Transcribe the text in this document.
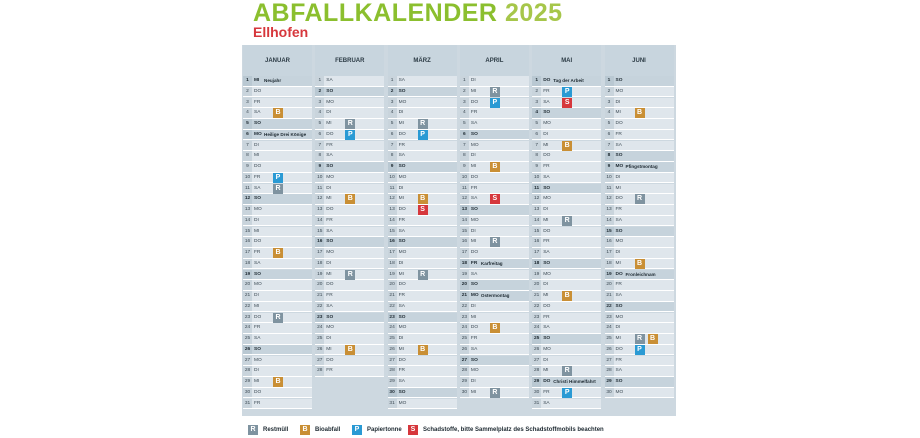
ABFALLKALENDER 2025
Ellhofen
JANUAR
1	MI Neujahr
2	DO
3	FR
4	SA	B
5	SO
6	MO Heilige Drei Könige
7	DI
8	MI
9	DO
10 FR	P
11 SA	R
12 SO
13 MO
14 DI
15 MI
16 DO
17 FR	B
18 SA
19 SO
20 MO
21 DI
22 MI
23 DO	R
24 FR
25 SA
26 SO
27 MO
28 DI
29 MI	B
30 DO
31 FR
FEBRUAR
1	SA
2	SO
3	MO
4	DI
5	MI	R
6	DO	P
7	FR
8	SA
9	SO
10 MO
11 DI
12 MI	B
13 DO
14 FR
15 SA
16 SO
17 MO
18 DI
19 MI	R
20 DO
21 FR
22 SA
23 SO
24 MO
25 DI
26 MI	B
27 DO
28 FR
MÄRZ
1	SA
2	SO
3	MO
4	DI
5	MI	R
6	DO	P
7	FR
8	SA
9	SO
10 MO
11 DI
12 MI	B
13 DO	S
14 FR
15 SA
16 SO
17 MO
18 DI
19 MI	R
20 DO
21 FR
22 SA
23 SO
24 MO
25 DI
26 MI	B
27 DO
28 FR
29 SA
30 SO
31 MO
APRIL
1	DI
2	MI	R
3	DO	P
4	FR
5	SA
6	SO
7	MO
8	DI
9	MI	B
10 DO
11 FR
12 SA	S
13 SO
14 MO
15 DI
16 MI	R
17 DO
18 FR Karfreitag
19 SA
20 SO
21 MO Ostermontag
22 DI
23 MI
24 DO	B
25 FR
26 SA
27 SO
28 MO
29 DI
30 MI	R
MAI
1	DO Tag der Arbeit
2	FR	P
3	SA	S
4	SO
5	MO
6	DI
7	MI	B
8	DO
9	FR
10 SA
11 SO
12 MO
13 DI
14 MI	R
15 DO
16 FR
17 SA
18 SO
19 MO
20 DI
21 MI	B
22 DO
23 FR
24 SA
25 SO
26 MO
27 DI
28 MI	R
29 DO Christi Himmelfahrt
30 FR	P
31 SA
JUNI
1	SO
2	MO
3	DI
4	MI	B
5	DO
6	FR
7	SA
8	SO
9	MO Pfingstmontag
10 DI
11 MI
12 DO	R
13 FR
14 SA
15 SO
16 MO
17 DI
18 MI	B
19 DO Fronleichnam
20 FR
21 SA
22 SO
23 MO
24 DI
25 MI	R	B
26 DO	P
27 FR
28 SA
29 SO
30 MO
R	Restmüll	B	Bioabfall	P	Papiertonne	S	Schadstoffe, bitte Sammelplatz des Schadstoffmobils beachten
